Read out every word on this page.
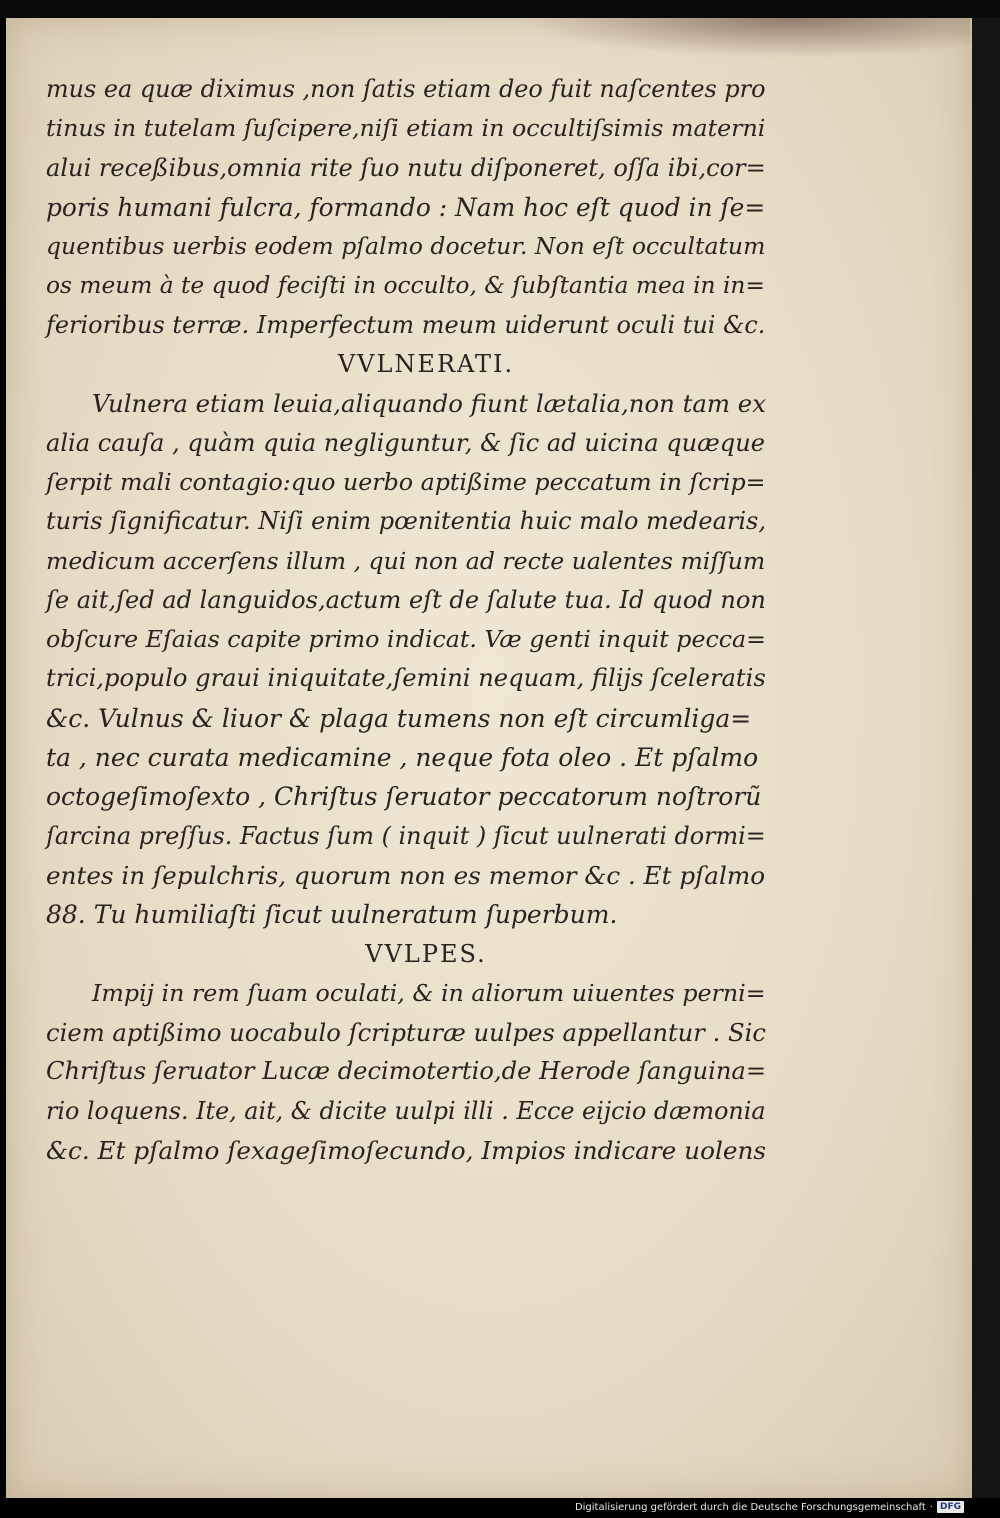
mus ea quæ diximus ,non ſatis etiam deo fuit naſcentes pro
tinus in tutelam ſuſcipere,niſi etiam in occultiſsimis materni
alui receßibus,omnia rite ſuo nutu diſponeret, oſſa ibi,cor=
poris humani fulcra, formando : Nam hoc eſt quod in ſe=
quentibus uerbis eodem pſalmo docetur. Non eſt occultatum
os meum à te quod feciſti in occulto, & ſubſtantia mea in in=
ferioribus terræ. Imperfectum meum uiderunt oculi tui &c.
VVLNERATI.
Vulnera etiam leuia,aliquando fiunt lætalia,non tam ex
alia cauſa , quàm quia negliguntur, & ſic ad uicina quæque
ſerpit mali contagio:quo uerbo aptißime peccatum in ſcrip=
turis ſignificatur. Niſi enim pœnitentia huic malo medearis,
medicum accerſens illum , qui non ad recte ualentes miſſum
ſe ait,ſed ad languidos,actum eſt de ſalute tua. Id quod non
obſcure Eſaias capite primo indicat. Væ genti inquit pecca=
trici,populo graui iniquitate,ſemini nequam, filijs ſceleratis
&c. Vulnus & liuor & plaga tumens non eſt circumliga=
ta , nec curata medicamine , neque fota oleo . Et pſalmo
octogeſimoſexto , Chriſtus ſeruator peccatorum noſtrorũ
ſarcina preſſus. Factus ſum ( inquit ) ſicut uulnerati dormi=
entes in ſepulchris, quorum non es memor &c . Et pſalmo
88. Tu humiliaſti ſicut uulneratum ſuperbum.
VVLPES.
Impij in rem ſuam oculati, & in aliorum uiuentes perni=
ciem aptißimo uocabulo ſcripturæ uulpes appellantur . Sic
Chriſtus ſeruator Lucæ decimotertio,de Herode ſanguina=
rio loquens. Ite, ait, & dicite uulpi illi . Ecce eijcio dæmonia
&c. Et pſalmo ſexageſimoſecundo, Impios indicare uolens
Digitalisierung gefördert durch die Deutsche Forschungsgemeinschaft · DFG
